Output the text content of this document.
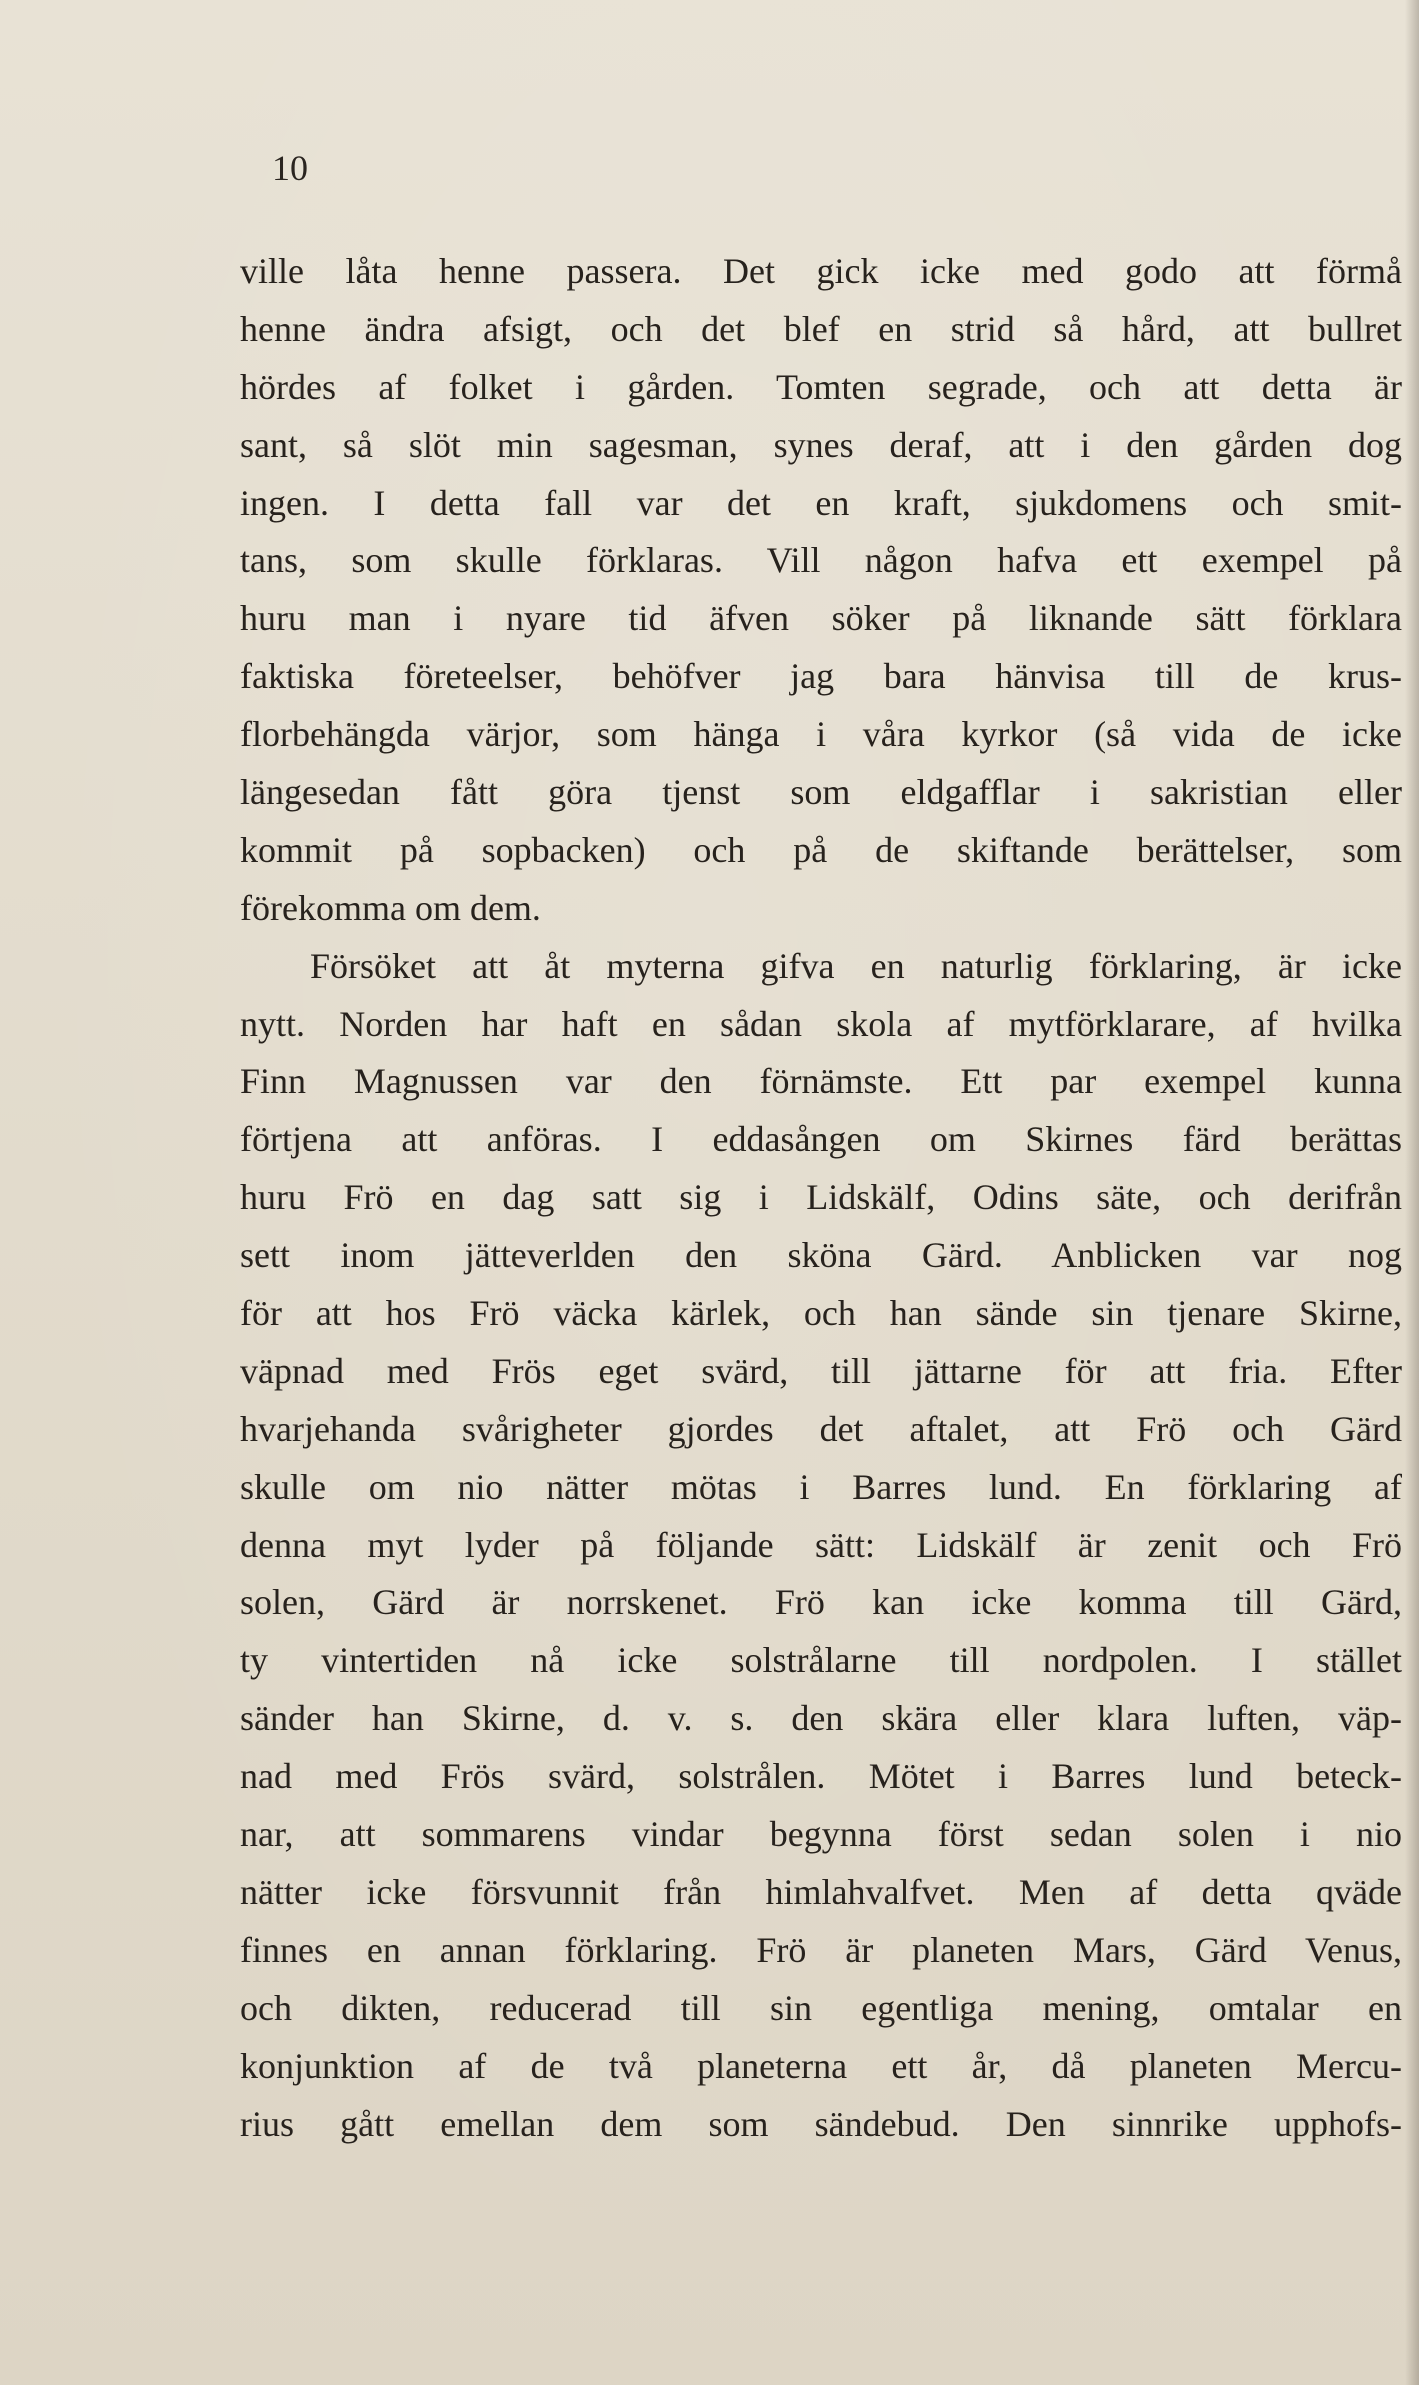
10
ville låta henne passera. Det gick icke med godo att förmå
henne ändra afsigt, och det blef en strid så hård, att bullret
hördes af folket i gården. Tomten segrade, och att detta är
sant, så slöt min sagesman, synes deraf, att i den gården dog
ingen. I detta fall var det en kraft, sjukdomens och smit-
tans, som skulle förklaras. Vill någon hafva ett exempel på
huru man i nyare tid äfven söker på liknande sätt förklara
faktiska företeelser, behöfver jag bara hänvisa till de krus-
florbehängda värjor, som hänga i våra kyrkor (så vida de icke
längesedan fått göra tjenst som eldgafflar i sakristian eller
kommit på sopbacken) och på de skiftande berättelser, som
förekomma om dem.
Försöket att åt myterna gifva en naturlig förklaring, är icke
nytt. Norden har haft en sådan skola af mytförklarare, af hvilka
Finn Magnussen var den förnämste. Ett par exempel kunna
förtjena att anföras. I eddasången om Skirnes färd berättas
huru Frö en dag satt sig i Lidskälf, Odins säte, och derifrån
sett inom jätteverlden den sköna Gärd. Anblicken var nog
för att hos Frö väcka kärlek, och han sände sin tjenare Skirne,
väpnad med Frös eget svärd, till jättarne för att fria. Efter
hvarjehanda svårigheter gjordes det aftalet, att Frö och Gärd
skulle om nio nätter mötas i Barres lund. En förklaring af
denna myt lyder på följande sätt: Lidskälf är zenit och Frö
solen, Gärd är norrskenet. Frö kan icke komma till Gärd,
ty vintertiden nå icke solstrålarne till nordpolen. I stället
sänder han Skirne, d. v. s. den skära eller klara luften, väp-
nad med Frös svärd, solstrålen. Mötet i Barres lund beteck-
nar, att sommarens vindar begynna först sedan solen i nio
nätter icke försvunnit från himlahvalfvet. Men af detta qväde
finnes en annan förklaring. Frö är planeten Mars, Gärd Venus,
och dikten, reducerad till sin egentliga mening, omtalar en
konjunktion af de två planeterna ett år, då planeten Mercu-
rius gått emellan dem som sändebud. Den sinnrike upphofs-
